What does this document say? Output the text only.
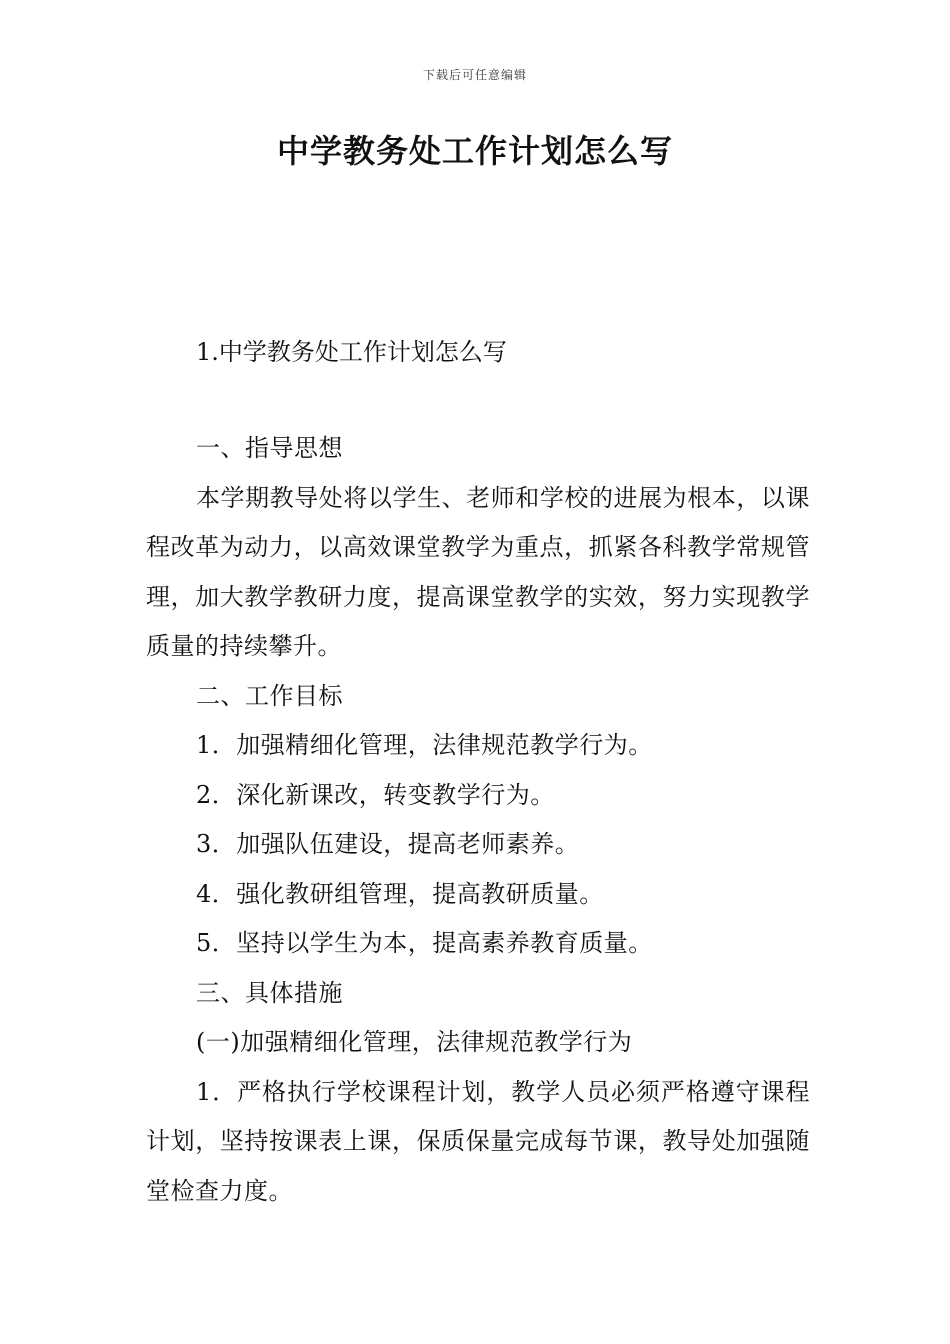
下载后可任意编辑
中学教务处工作计划怎么写

1.中学教务处工作计划怎么写

一、指导思想

本学期教导处将以学生、老师和学校的进展为根本，以课程改革为动力，以高效课堂教学为重点，抓紧各科教学常规管理，加大教学教研力度，提高课堂教学的实效，努力实现教学质量的持续攀升。

二、工作目标

1．加强精细化管理，法律规范教学行为。

2．深化新课改，转变教学行为。

3．加强队伍建设，提高老师素养。

4．强化教研组管理，提高教研质量。

5．坚持以学生为本，提高素养教育质量。

三、具体措施

(一)加强精细化管理，法律规范教学行为

1．严格执行学校课程计划，教学人员必须严格遵守课程计划，坚持按课表上课，保质保量完成每节课，教导处加强随堂检查力度。
